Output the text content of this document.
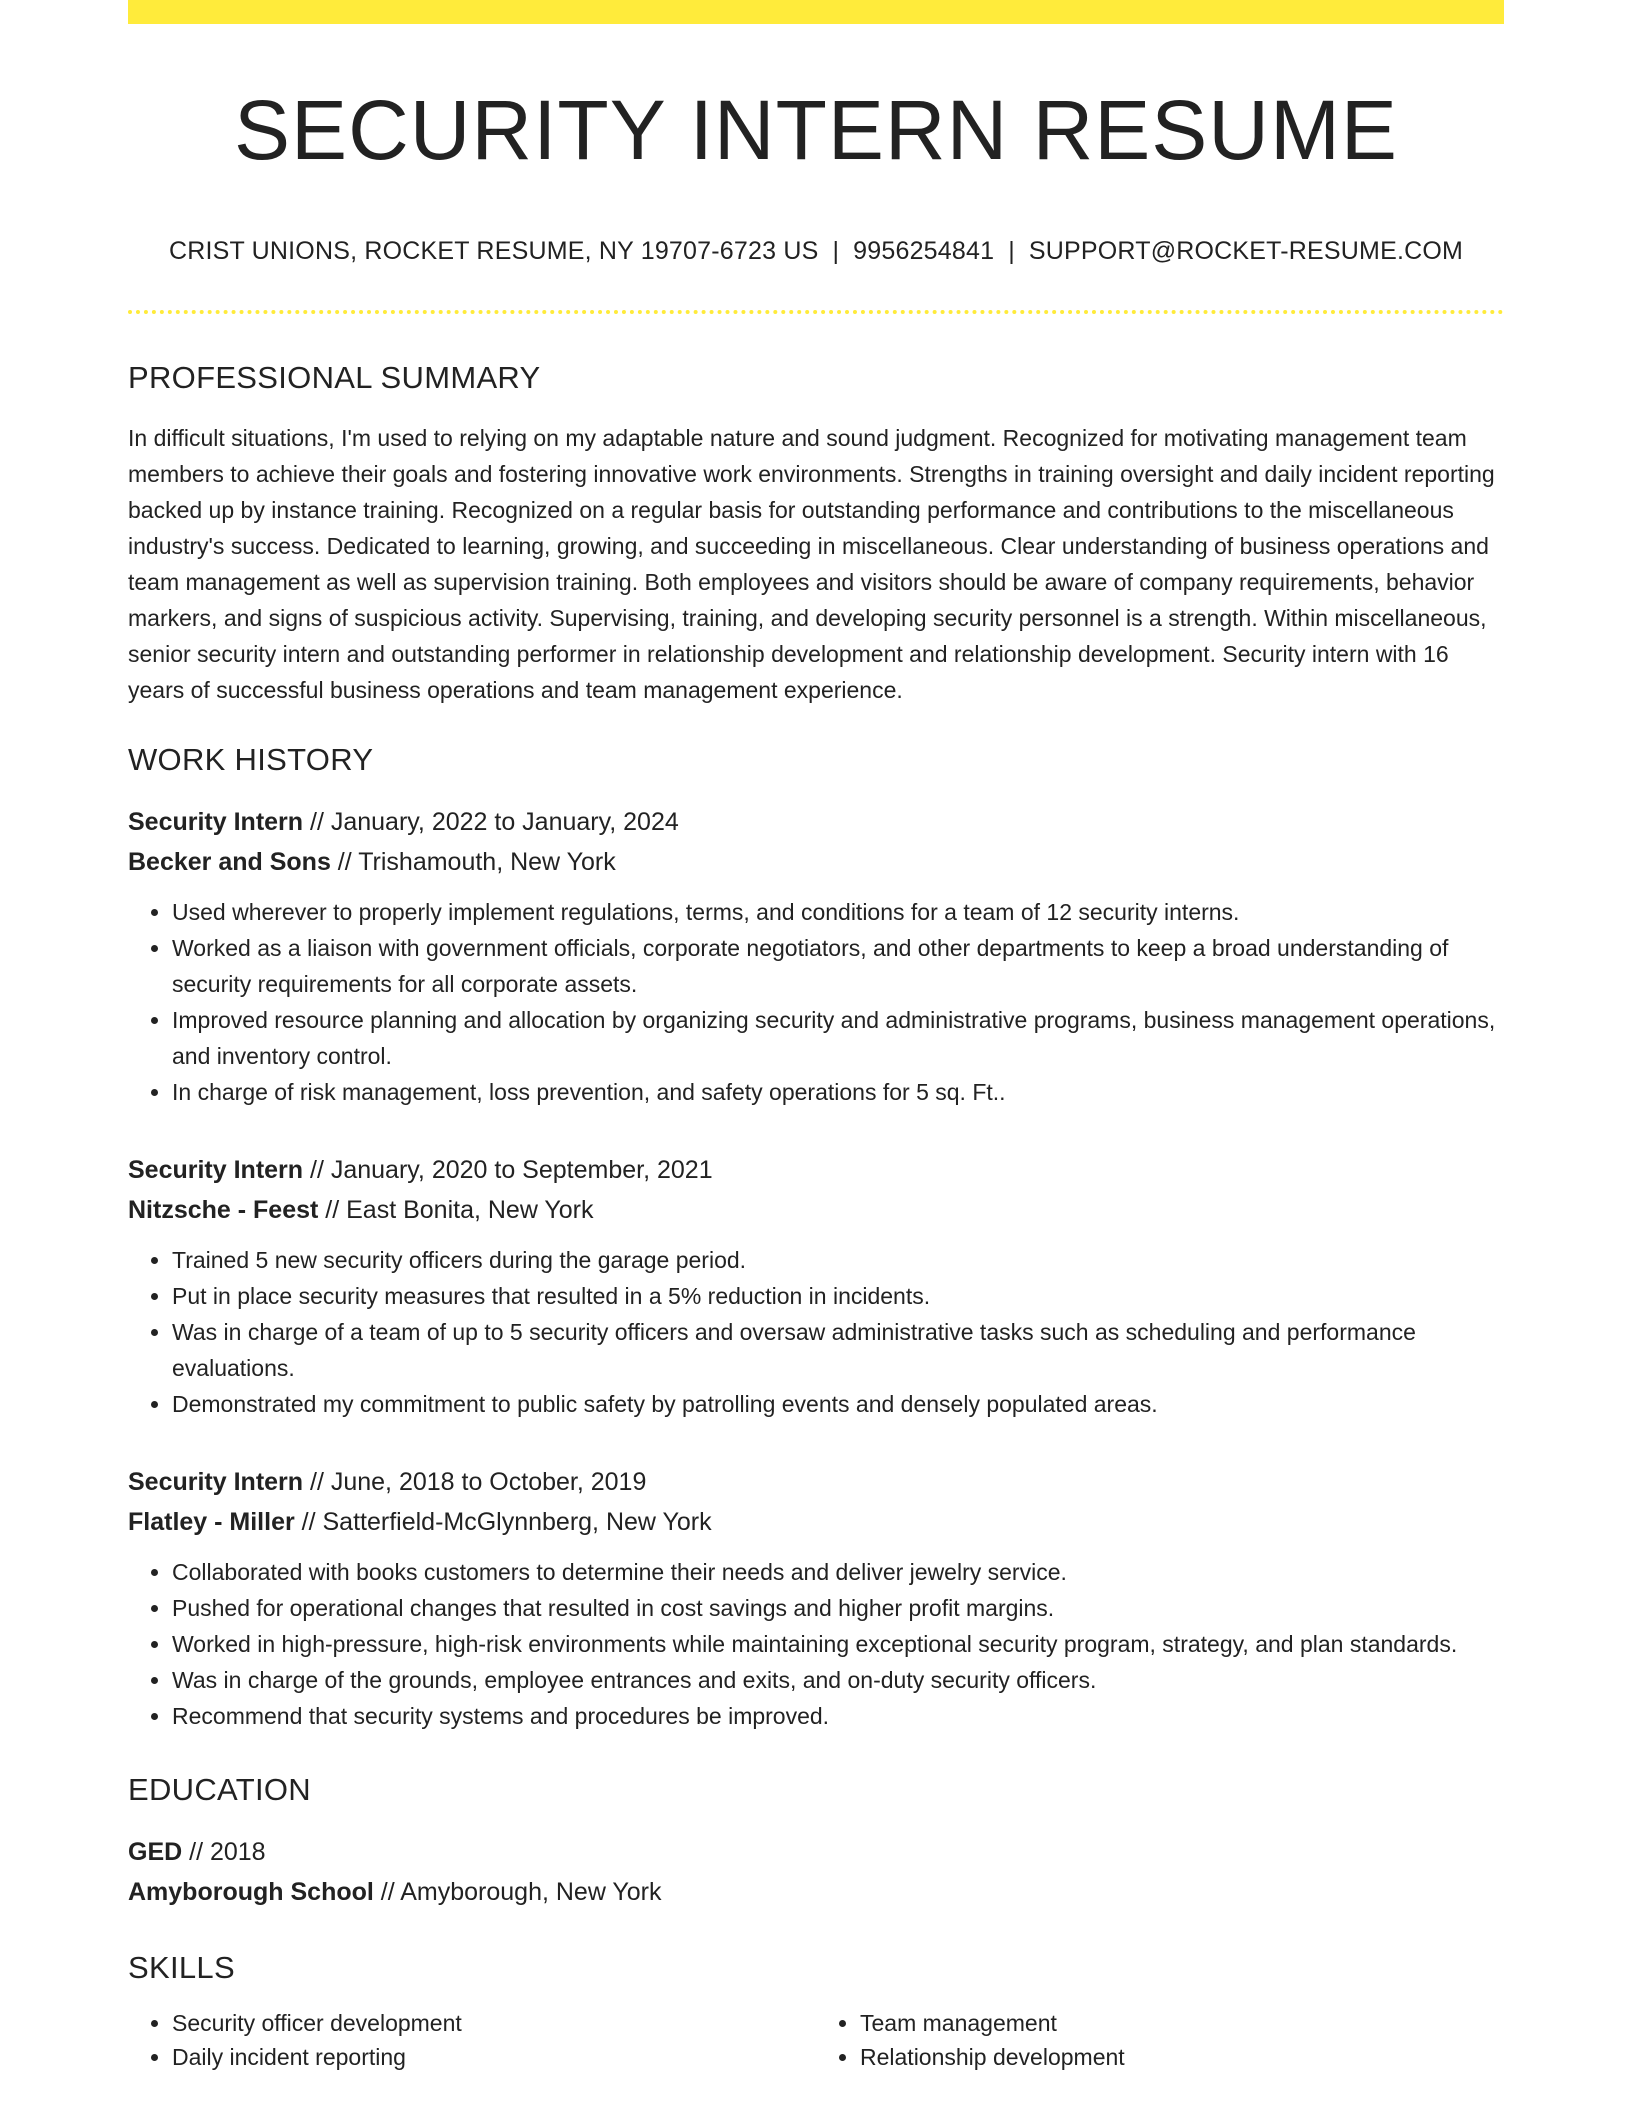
SECURITY INTERN RESUME
CRIST UNIONS, ROCKET RESUME, NY 19707-6723 US | 9956254841 | SUPPORT@ROCKET-RESUME.COM
PROFESSIONAL SUMMARY
In difficult situations, I'm used to relying on my adaptable nature and sound judgment. Recognized for motivating management team members to achieve their goals and fostering innovative work environments. Strengths in training oversight and daily incident reporting backed up by instance training. Recognized on a regular basis for outstanding performance and contributions to the miscellaneous industry's success. Dedicated to learning, growing, and succeeding in miscellaneous. Clear understanding of business operations and team management as well as supervision training. Both employees and visitors should be aware of company requirements, behavior markers, and signs of suspicious activity. Supervising, training, and developing security personnel is a strength. Within miscellaneous, senior security intern and outstanding performer in relationship development and relationship development. Security intern with 16 years of successful business operations and team management experience.
WORK HISTORY
Security Intern // January, 2022 to January, 2024
Becker and Sons // Trishamouth, New York
• Used wherever to properly implement regulations, terms, and conditions for a team of 12 security interns.
• Worked as a liaison with government officials, corporate negotiators, and other departments to keep a broad understanding of security requirements for all corporate assets.
• Improved resource planning and allocation by organizing security and administrative programs, business management operations, and inventory control.
• In charge of risk management, loss prevention, and safety operations for 5 sq. Ft..
Security Intern // January, 2020 to September, 2021
Nitzsche - Feest // East Bonita, New York
• Trained 5 new security officers during the garage period.
• Put in place security measures that resulted in a 5% reduction in incidents.
• Was in charge of a team of up to 5 security officers and oversaw administrative tasks such as scheduling and performance evaluations.
• Demonstrated my commitment to public safety by patrolling events and densely populated areas.
Security Intern // June, 2018 to October, 2019
Flatley - Miller // Satterfield-McGlynnberg, New York
• Collaborated with books customers to determine their needs and deliver jewelry service.
• Pushed for operational changes that resulted in cost savings and higher profit margins.
• Worked in high-pressure, high-risk environments while maintaining exceptional security program, strategy, and plan standards.
• Was in charge of the grounds, employee entrances and exits, and on-duty security officers.
• Recommend that security systems and procedures be improved.
EDUCATION
GED // 2018
Amyborough School // Amyborough, New York
SKILLS
• Security officer development
• Daily incident reporting
• Team management
• Relationship development
